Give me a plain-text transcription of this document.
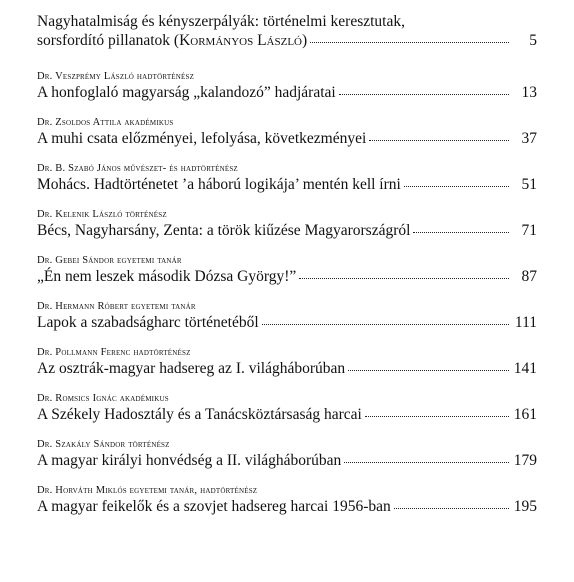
Nagyhatalmiság és kényszerpályák: történelmi keresztutak,
sorsfordító pillanatok (Kormányos László)	5
Dr. Veszprémy László hadtörténész
A honfoglaló magyarság „kalandozó” hadjáratai	13
Dr. Zsoldos Attila akadémikus
A muhi csata előzményei, lefolyása, következményei	37
Dr. B. Szabó János művészet- és hadtörténész
Mohács. Hadtörténetet ’a háború logikája’ mentén kell írni	51
Dr. Kelenik László történész
Bécs, Nagyharsány, Zenta: a török kiűzése Magyarországról	71
Dr. Gebei Sándor egyetemi tanár
„Én nem leszek második Dózsa György!”	87
Dr. Hermann Róbert egyetemi tanár
Lapok a szabadságharc történetéből	111
Dr. Pollmann Ferenc hadtörténész
Az osztrák-magyar hadsereg az I. világháborúban	141
Dr. Romsics Ignác akadémikus
A Székely Hadosztály és a Tanácsköztársaság harcai	161
Dr. Szakály Sándor történész
A magyar királyi honvédség a II. világháborúban	179
Dr. Horváth Miklós egyetemi tanár, hadtörténész
A magyar feikelők és a szovjet hadsereg harcai 1956-ban	195
